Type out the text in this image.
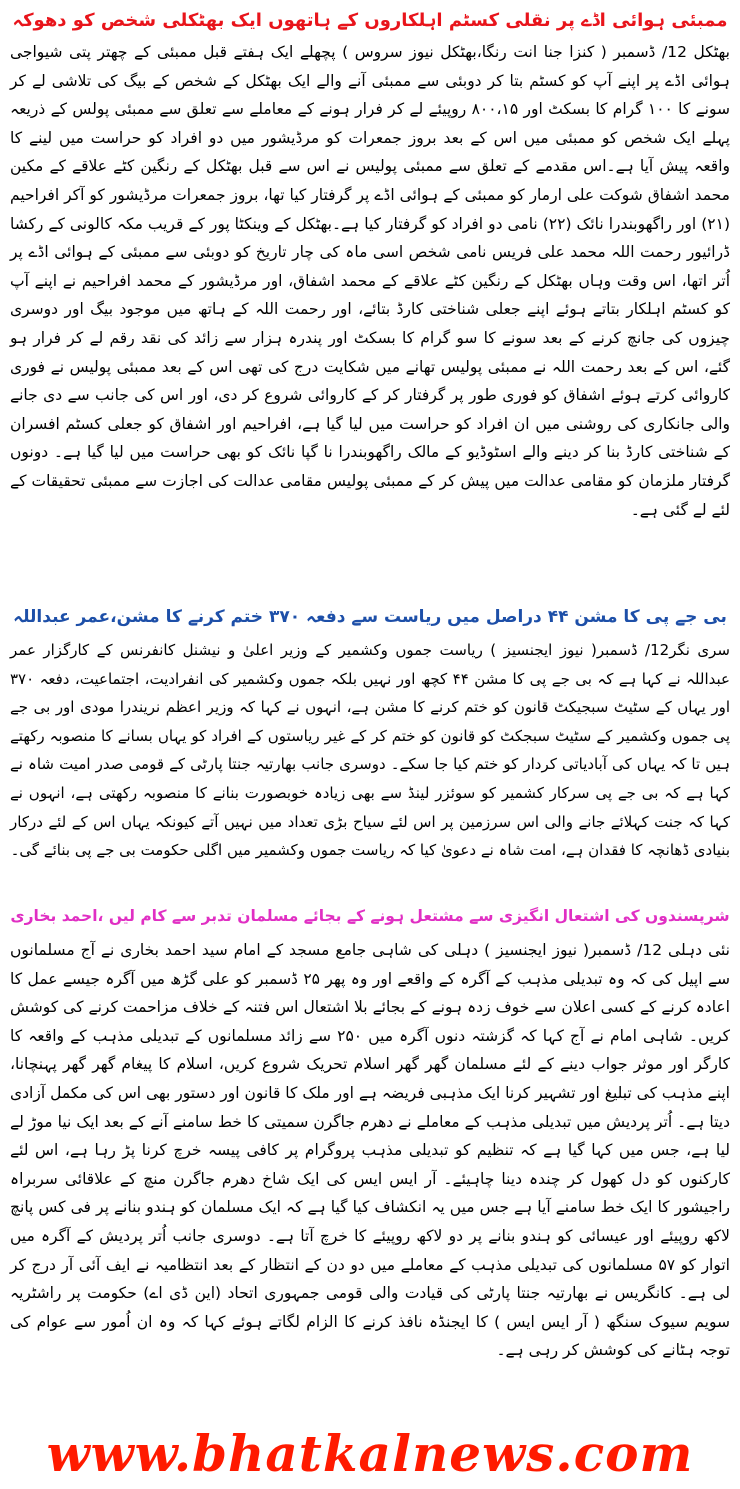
ممبئی ہوائی اڈے پر نقلی کسٹم اہلکاروں کے ہاتھوں ایک بھٹکلی شخص کو دھوکہ

بھٹکل 12/ ڈسمبر ( کنزا جنا انت رنگا،بھٹکل نیوز سروس ) پچھلے ایک ہفتے قبل ممبئی کے چھتر پتی شیواجی ہوائی اڈے پر اپنے آپ کو کسٹم بتا کر دوبئی سے ممبئی آنے والے ایک بھٹکل کے شخص کے بیگ کی تلاشی لے کر سونے کا ۱۰۰ گرام کا بسکٹ اور ۸۰۰،۱۵ روپیئے لے کر فرار ہونے کے معاملے سے تعلق سے ممبئی پولس کے ذریعہ پہلے ایک شخص کو ممبئی میں اس کے بعد بروز جمعرات کو مرڈیشور میں دو افراد کو حراست میں لینے کا واقعہ پیش آیا ہے۔اس مقدمے کے تعلق سے ممبئی پولیس نے اس سے قبل بھٹکل کے رنگین کٹے علاقے کے مکین محمد اشفاق شوکت علی ارمار کو ممبئی کے ہوائی اڈے پر گرفتار کیا تھا، بروز جمعرات مرڈیشور کو آکر افراحیم (۲۱) اور راگھوبندرا نائک (۲۲) نامی دو افراد کو گرفتار کیا ہے۔بھٹکل کے وینکٹا پور کے قریب مکہ کالونی کے رکشا ڈرائیور رحمت اللہ محمد علی فریس نامی شخص اسی ماہ کی چار تاریخ کو دوبئی سے ممبئی کے ہوائی اڈے پر اُتر اتھا، اس وقت وہاں بھٹکل کے رنگین کٹے علاقے کے محمد اشفاق، اور مرڈیشور کے محمد افراحیم نے اپنے آپ کو کسٹم اہلکار بتاتے ہوئے اپنے جعلی شناختی کارڈ بتائے، اور رحمت اللہ کے ہاتھ میں موجود بیگ اور دوسری چیزوں کی جانچ کرنے کے بعد سونے کا سو گرام کا بسکٹ اور پندرہ ہزار سے زائد کی نقد رقم لے کر فرار ہو گئے، اس کے بعد رحمت اللہ نے ممبئی پولیس تھانے میں شکایت درج کی تھی اس کے بعد ممبئی پولیس نے فوری کاروائی کرتے ہوئے اشفاق کو فوری طور پر گرفتار کر کے کاروائی شروع کر دی، اور اس کی جانب سے دی جانے والی جانکاری کی روشنی میں ان افراد کو حراست میں لیا گیا ہے، افراحیم اور اشفاق کو جعلی کسٹم افسران کے شناختی کارڈ بنا کر دینے والے اسٹوڈیو کے مالک راگھوبندرا نا گپا نائک کو بھی حراست میں لیا گیا ہے۔ دونوں گرفتار ملزمان کو مقامی عدالت میں پیش کر کے ممبئی پولیس مقامی عدالت کی اجازت سے ممبئی تحقیقات کے لئے لے گئی ہے۔

بی جے پی کا مشن ۴۴ دراصل میں ریاست سے دفعہ ۳۷۰ ختم کرنے کا مشن،عمر عبداللہ

سری نگر12/ ڈسمبر( نیوز ایجنسیز ) ریاست جموں وکشمیر کے وزیر اعلیٰ و نیشنل کانفرنس کے کارگزار عمر عبداللہ نے کہا ہے کہ بی جے پی کا مشن ۴۴ کچھ اور نہیں بلکہ جموں وکشمیر کی انفرادیت، اجتماعیت، دفعہ ۳۷۰ اور یہاں کے سٹیٹ سبجیکٹ قانون کو ختم کرنے کا مشن ہے، انہوں نے کہا کہ وزیر اعظم نریندرا مودی اور بی جے پی جموں وکشمیر کے سٹیٹ سبجکٹ کو قانون کو ختم کر کے غیر ریاستوں کے افراد کو یہاں بسانے کا منصوبہ رکھتے ہیں تا کہ یہاں کی آبادیاتی کردار کو ختم کیا جا سکے۔ دوسری جانب بھارتیہ جنتا پارٹی کے قومی صدر امیت شاہ نے کہا ہے کہ بی جے پی سرکار کشمیر کو سوئزر لینڈ سے بھی زیادہ خوبصورت بنانے کا منصوبہ رکھتی ہے، انہوں نے کہا کہ جنت کہلائے جانے والی اس سرزمین پر اس لئے سیاح بڑی تعداد میں نہیں آتے کیونکہ یہاں اس کے لئے درکار بنیادی ڈھانچہ کا فقدان ہے، امت شاہ نے دعویٰ کیا کہ ریاست جموں وکشمیر میں اگلی حکومت بی جے پی بنائے گی۔

شرپسندوں کی اشتعال انگیزی سے مشتعل ہونے کے بجائے مسلمان تدبر سے کام لیں ،احمد بخاری

نئی دہلی 12/ ڈسمبر( نیوز ایجنسیز ) دہلی کی شاہی جامع مسجد کے امام سید احمد بخاری نے آج مسلمانوں سے اپیل کی کہ وہ تبدیلی مذہب کے آگرہ کے واقعے اور وہ پھر ۲۵ ڈسمبر کو علی گڑھ میں آگرہ جیسے عمل کا اعادہ کرنے کے کسی اعلان سے خوف زدہ ہونے کے بجائے بلا اشتعال اس فتنہ کے خلاف مزاحمت کرنے کی کوشش کریں۔ شاہی امام نے آج کہا کہ گزشتہ دنوں آگرہ میں ۲۵۰ سے زائد مسلمانوں کے تبدیلی مذہب کے واقعہ کا کارگر اور موثر جواب دینے کے لئے مسلمان گھر گھر اسلام تحریک شروع کریں، اسلام کا پیغام گھر گھر پہنچانا، اپنے مذہب کی تبلیغ اور تشہیر کرنا ایک مذہبی فریضہ ہے اور ملک کا قانون اور دستور بھی اس کی مکمل آزادی دیتا ہے۔ اُتر پردیش میں تبدیلی مذہب کے معاملے نے دھرم جاگرن سمیتی کا خط سامنے آنے کے بعد ایک نیا موڑ لے لیا ہے، جس میں کہا گیا ہے کہ تنظیم کو تبدیلی مذہب پروگرام پر کافی پیسہ خرچ کرنا پڑ رہا ہے، اس لئے کارکنوں کو دل کھول کر چندہ دینا چاہیئے۔ آر ایس ایس کی ایک شاخ دھرم جاگرن منچ کے علاقائی سربراہ راجیشور کا ایک خط سامنے آیا ہے جس میں یہ انکشاف کیا گیا ہے کہ ایک مسلمان کو ہندو بنانے پر فی کس پانچ لاکھ روپیئے اور عیسائی کو ہندو بنانے پر دو لاکھ روپیئے کا خرچ آتا ہے۔ دوسری جانب اُتر پردیش کے آگرہ میں اتوار کو ۵۷ مسلمانوں کی تبدیلی مذہب کے معاملے میں دو دن کے انتظار کے بعد انتظامیہ نے ایف آئی آر درج کر لی ہے۔ کانگریس نے بھارتیہ جنتا پارٹی کی قیادت والی قومی جمہوری اتحاد (این ڈی اے) حکومت پر راشٹریہ سویم سیوک سنگھ ( آر ایس ایس ) کا ایجنڈہ نافذ کرنے کا الزام لگاتے ہوئے کہا کہ وہ ان اُمور سے عوام کی توجہ ہٹانے کی کوشش کر رہی ہے۔

www.bhatkalnews.com
